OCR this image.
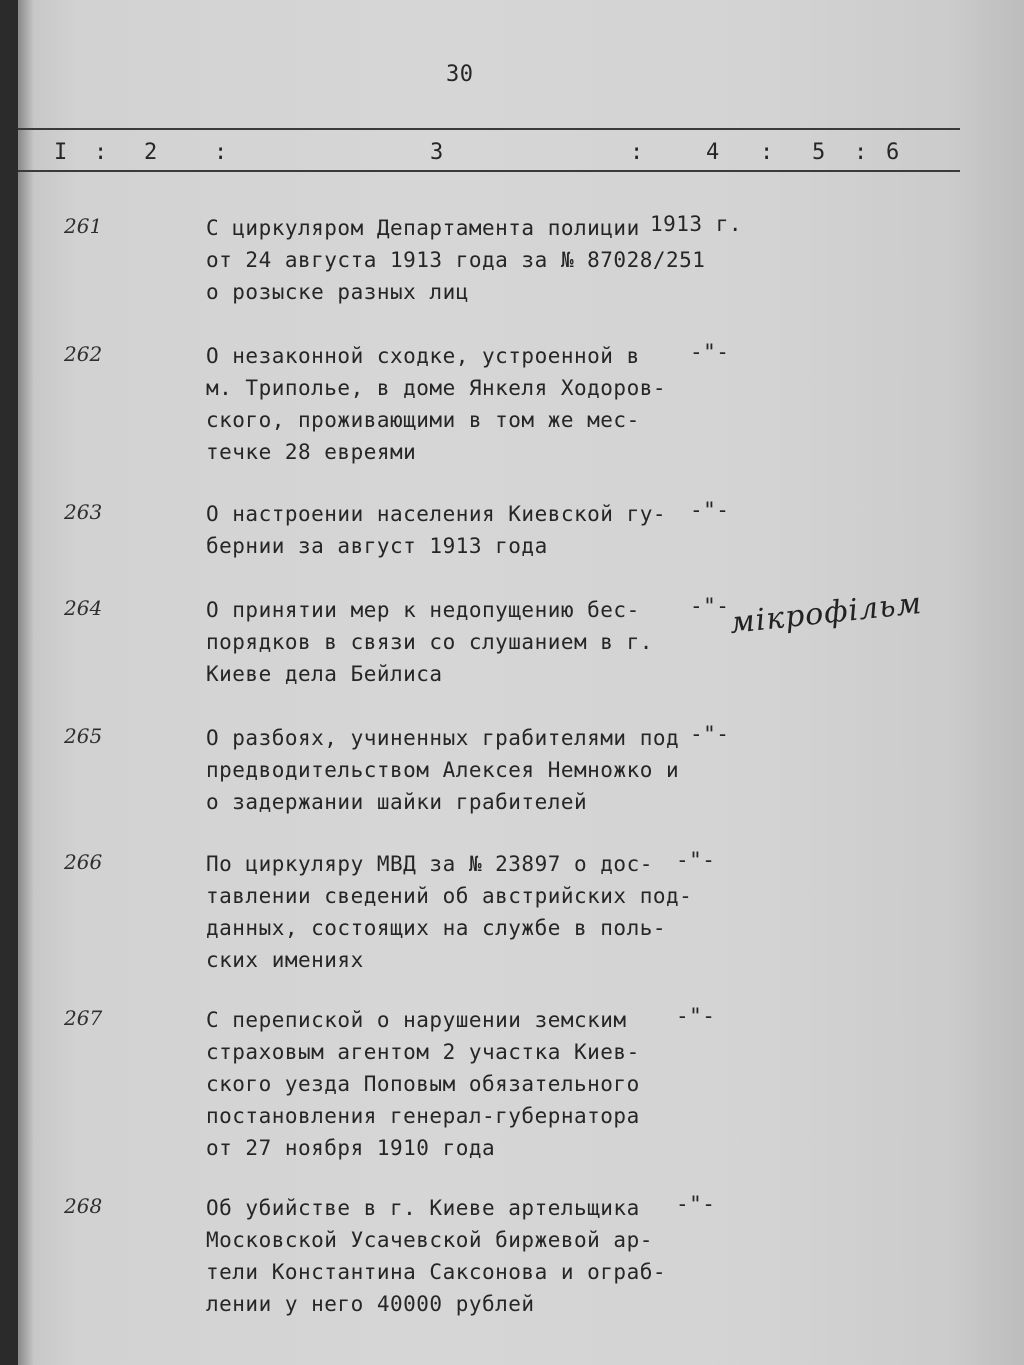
30
I : 2	:	3	:	4 : 5 : 6
261	С циркуляром Департамента полиции
от 24 августа 1913 года за № 87028/251
о розыске разных лиц
1913 г.
262	О незаконной сходке, устроенной в
м. Триполье, в доме Янкеля Ходоров-
ского, проживающими в том же мес-
течке 28 евреями
-"-
263	О настроении населения Киевской гу-
бернии за август 1913 года
-"-
264	О принятии мер к недопущению бес-
порядков в связи со слушанием в г.
Киеве дела Бейлиса
-"-
мікрофільм
265	О разбоях, учиненных грабителями под
предводительством Алексея Немножко и
о задержании шайки грабителей
-"-
266	По циркуляру МВД за № 23897 о дос-
тавлении сведений об австрийских под-
данных, состоящих на службе в поль-
ских имениях
-"-
267	С перепиской о нарушении земским
страховым агентом 2 участка Киев-
ского уезда Поповым обязательного
постановления генерал-губернатора
от 27 ноября 1910 года
-"-
268	Об убийстве в г. Киеве артельщика
Московской Усачевской биржевой ар-
тели Константина Саксонова и ограб-
лении у него 40000 рублей
-"-
